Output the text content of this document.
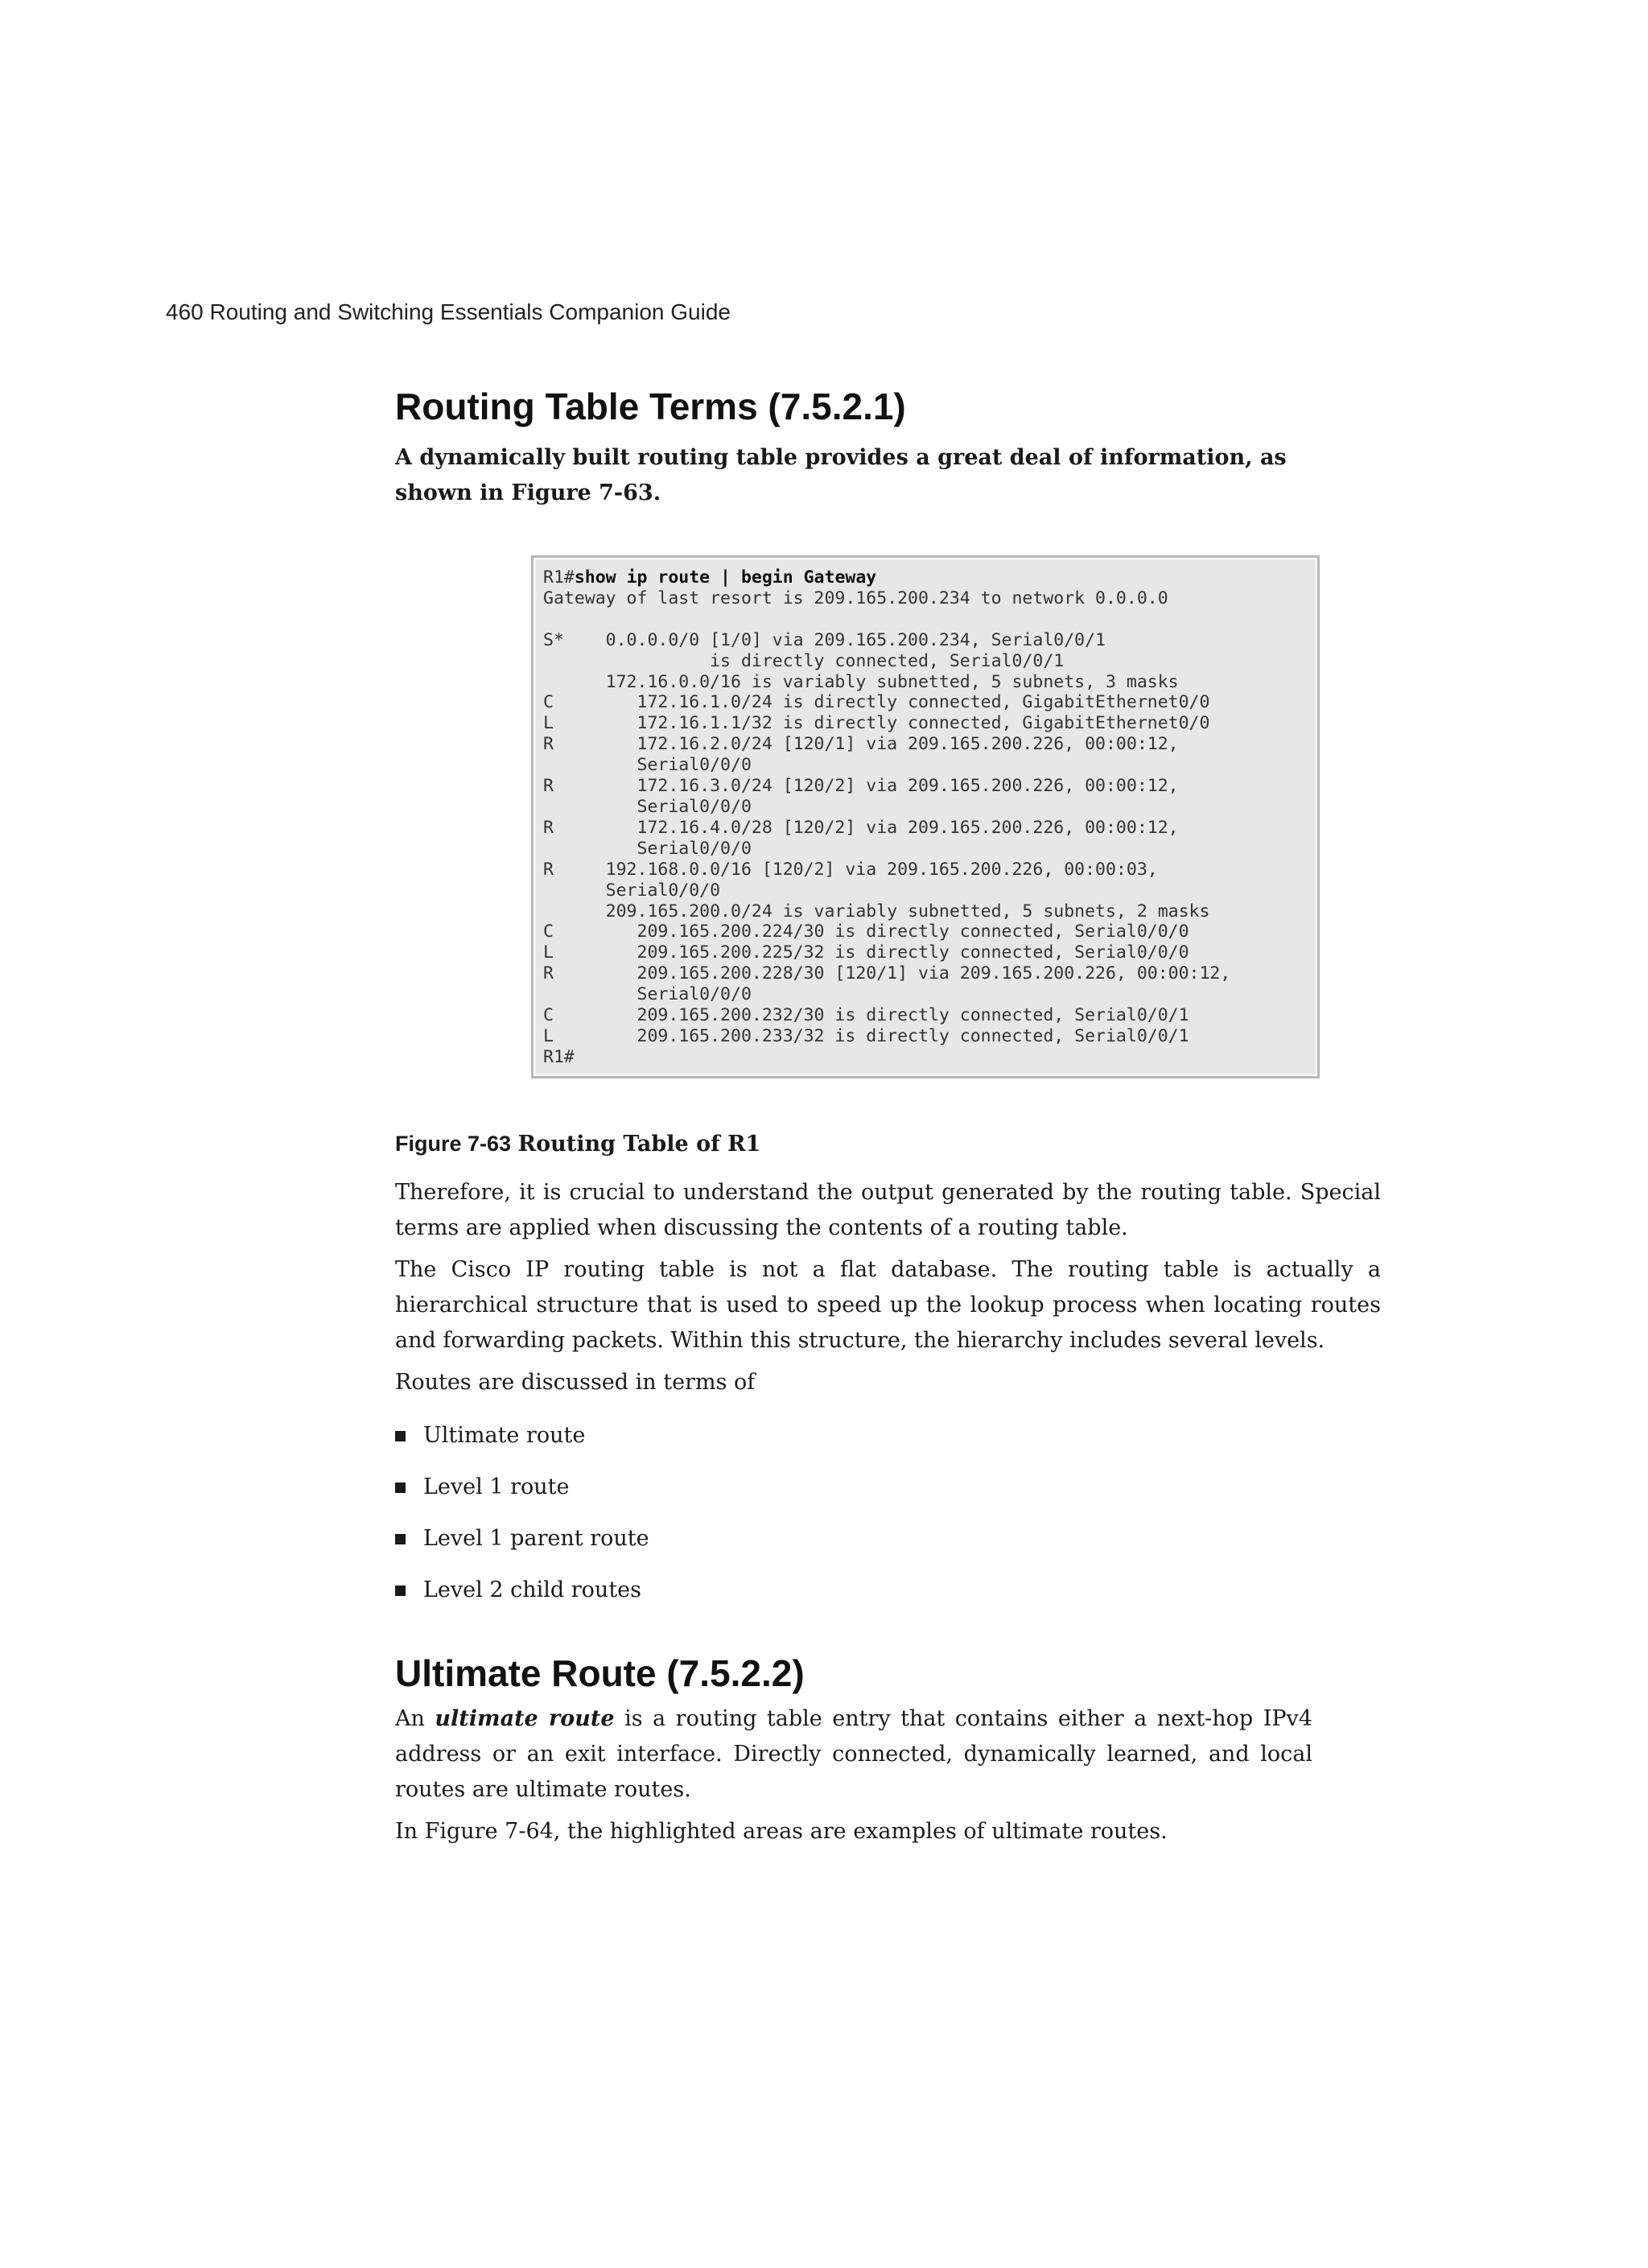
460 Routing and Switching Essentials Companion Guide
Routing Table Terms (7.5.2.1)

A dynamically built routing table provides a great deal of information, as shown in Figure 7-63.

R1#show ip route | begin Gateway
Gateway of last resort is 209.165.200.234 to network 0.0.0.0

S*    0.0.0.0/0 [1/0] via 209.165.200.234, Serial0/0/1
is directly connected, Serial0/0/1
172.16.0.0/16 is variably subnetted, 5 subnets, 3 masks
C        172.16.1.0/24 is directly connected, GigabitEthernet0/0
L        172.16.1.1/32 is directly connected, GigabitEthernet0/0
R        172.16.2.0/24 [120/1] via 209.165.200.226, 00:00:12,
Serial0/0/0
R        172.16.3.0/24 [120/2] via 209.165.200.226, 00:00:12,
Serial0/0/0
R        172.16.4.0/28 [120/2] via 209.165.200.226, 00:00:12,
Serial0/0/0
R     192.168.0.0/16 [120/2] via 209.165.200.226, 00:00:03,
Serial0/0/0
209.165.200.0/24 is variably subnetted, 5 subnets, 2 masks
C        209.165.200.224/30 is directly connected, Serial0/0/0
L        209.165.200.225/32 is directly connected, Serial0/0/0
R        209.165.200.228/30 [120/1] via 209.165.200.226, 00:00:12,
Serial0/0/0
C        209.165.200.232/30 is directly connected, Serial0/0/1
L        209.165.200.233/32 is directly connected, Serial0/0/1
R1#

Figure 7-63 Routing Table of R1

Therefore, it is crucial to understand the output generated by the routing table. Special terms are applied when discussing the contents of a routing table.

The Cisco IP routing table is not a flat database. The routing table is actually a hierarchical structure that is used to speed up the lookup process when locating routes and forwarding packets. Within this structure, the hierarchy includes several levels.

Routes are discussed in terms of

Ultimate route
Level 1 route
Level 1 parent route
Level 2 child routes
Ultimate Route (7.5.2.2)

An ultimate route is a routing table entry that contains either a next-hop IPv4 address or an exit interface. Directly connected, dynamically learned, and local routes are ultimate routes.

In Figure 7-64, the highlighted areas are examples of ultimate routes.
